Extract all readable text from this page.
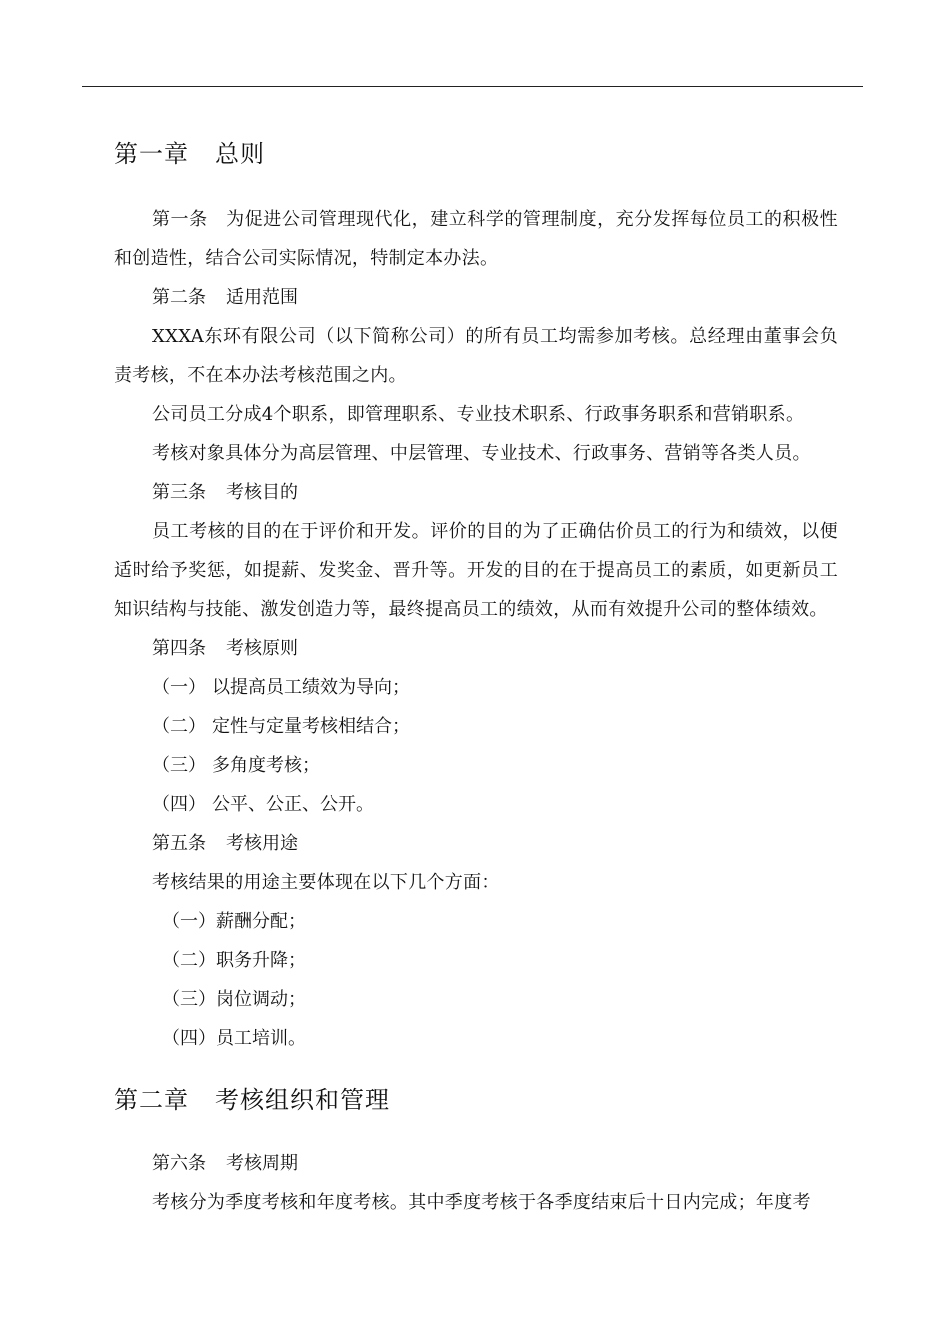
第一章 总则

第一条　为促进公司管理现代化，建立科学的管理制度，充分发挥每位员工的积极性和创造性，结合公司实际情况，特制定本办法。

第二条 适用范围

XXXA东环有限公司（以下简称公司）的所有员工均需参加考核。总经理由董事会负责考核，不在本办法考核范围之内。

公司员工分成4个职系，即管理职系、专业技术职系、行政事务职系和营销职系。

考核对象具体分为高层管理、中层管理、专业技术、行政事务、营销等各类人员。

第三条 考核目的

员工考核的目的在于评价和开发。评价的目的为了正确估价员工的行为和绩效，以便适时给予奖惩，如提薪、发奖金、晋升等。开发的目的在于提高员工的素质，如更新员工知识结构与技能、激发创造力等，最终提高员工的绩效，从而有效提升公司的整体绩效。

第四条 考核原则

（一） 以提高员工绩效为导向；

（二） 定性与定量考核相结合；

（三） 多角度考核；

（四） 公平、公正、公开。

第五条 考核用途

考核结果的用途主要体现在以下几个方面：

（一）薪酬分配；

（二）职务升降；

（三）岗位调动；

（四）员工培训。

第二章 考核组织和管理

第六条 考核周期

考核分为季度考核和年度考核。其中季度考核于各季度结束后十日内完成；年度考
